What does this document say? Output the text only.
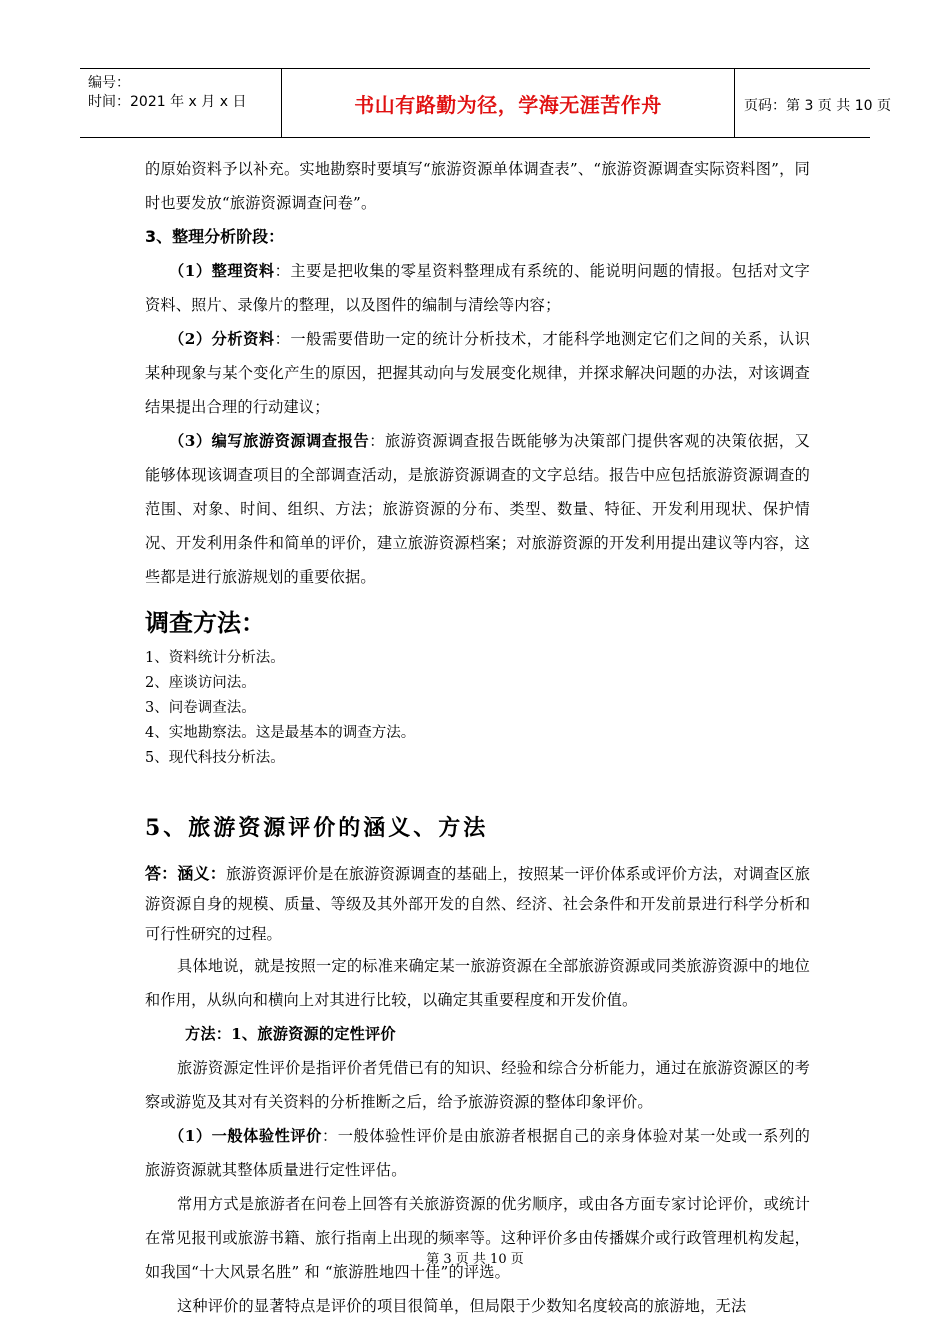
编号：
时间：2021 年 x 月 x 日	书山有路勤为径，学海无涯苦作舟	页码：第 3 页 共 10 页

的原始资料予以补充。实地勘察时要填写“旅游资源单体调查表”、“旅游资源调查实际资料图”，同时也要发放“旅游资源调查问卷”。

3、整理分析阶段：

（1）整理资料：主要是把收集的零星资料整理成有系统的、能说明问题的情报。包括对文字资料、照片、录像片的整理，以及图件的编制与清绘等内容；

（2）分析资料：一般需要借助一定的统计分析技术，才能科学地测定它们之间的关系，认识某种现象与某个变化产生的原因，把握其动向与发展变化规律，并探求解决问题的办法，对该调查结果提出合理的行动建议；

（3）编写旅游资源调查报告：旅游资源调查报告既能够为决策部门提供客观的决策依据，又能够体现该调查项目的全部调查活动，是旅游资源调查的文字总结。报告中应包括旅游资源调查的范围、对象、时间、组织、方法；旅游资源的分布、类型、数量、特征、开发利用现状、保护情况、开发利用条件和简单的评价，建立旅游资源档案；对旅游资源的开发利用提出建议等内容，这些都是进行旅游规划的重要依据。

调查方法：
1、资料统计分析法。
2、座谈访问法。
3、问卷调查法。
4、实地勘察法。这是最基本的调查方法。
5、现代科技分析法。
5、旅游资源评价的涵义、方法

答：涵义：旅游资源评价是在旅游资源调查的基础上，按照某一评价体系或评价方法，对调查区旅游资源自身的规模、质量、等级及其外部开发的自然、经济、社会条件和开发前景进行科学分析和可行性研究的过程。

具体地说，就是按照一定的标准来确定某一旅游资源在全部旅游资源或同类旅游资源中的地位和作用，从纵向和横向上对其进行比较，以确定其重要程度和开发价值。

方法：1、旅游资源的定性评价

旅游资源定性评价是指评价者凭借已有的知识、经验和综合分析能力，通过在旅游资源区的考察或游览及其对有关资料的分析推断之后，给予旅游资源的整体印象评价。

（1）一般体验性评价：一般体验性评价是由旅游者根据自己的亲身体验对某一处或一系列的旅游资源就其整体质量进行定性评估。

常用方式是旅游者在问卷上回答有关旅游资源的优劣顺序，或由各方面专家讨论评价，或统计在常见报刊或旅游书籍、旅行指南上出现的频率等。这种评价多由传播媒介或行政管理机构发起，如我国“十大风景名胜” 和 “旅游胜地四十佳”的评选。

这种评价的显著特点是评价的项目很简单，但局限于少数知名度较高的旅游地，无法

第 3 页 共 10 页
